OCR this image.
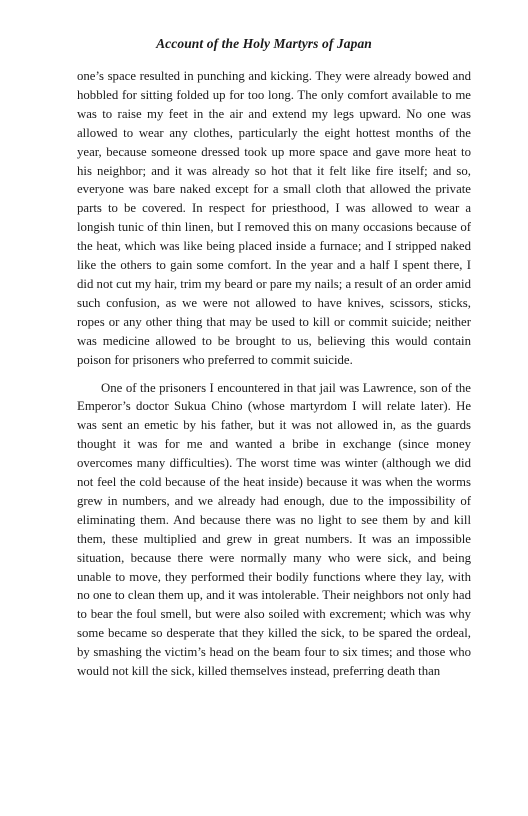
Account of the Holy Martyrs of Japan

one’s space resulted in punching and kicking. They were already bowed and hobbled for sitting folded up for too long. The only comfort available to me was to raise my feet in the air and extend my legs upward. No one was allowed to wear any clothes, particularly the eight hottest months of the year, because someone dressed took up more space and gave more heat to his neighbor; and it was already so hot that it felt like fire itself; and so, everyone was bare naked except for a small cloth that allowed the private parts to be covered. In respect for priesthood, I was allowed to wear a longish tunic of thin linen, but I removed this on many occasions because of the heat, which was like being placed inside a furnace; and I stripped naked like the others to gain some comfort. In the year and a half I spent there, I did not cut my hair, trim my beard or pare my nails; a result of an order amid such confusion, as we were not allowed to have knives, scissors, sticks, ropes or any other thing that may be used to kill or commit suicide; neither was medicine allowed to be brought to us, believing this would contain poison for prisoners who preferred to commit suicide.

One of the prisoners I encountered in that jail was Lawrence, son of the Emperor’s doctor Sukua Chino (whose martyrdom I will relate later). He was sent an emetic by his father, but it was not allowed in, as the guards thought it was for me and wanted a bribe in exchange (since money overcomes many difficulties). The worst time was winter (although we did not feel the cold because of the heat inside) because it was when the worms grew in numbers, and we already had enough, due to the impossibility of eliminating them. And because there was no light to see them by and kill them, these multiplied and grew in great numbers. It was an impossible situation, because there were normally many who were sick, and being unable to move, they performed their bodily functions where they lay, with no one to clean them up, and it was intolerable. Their neighbors not only had to bear the foul smell, but were also soiled with excrement; which was why some became so desperate that they killed the sick, to be spared the ordeal, by smashing the victim’s head on the beam four to six times; and those who would not kill the sick, killed themselves instead, preferring death than
